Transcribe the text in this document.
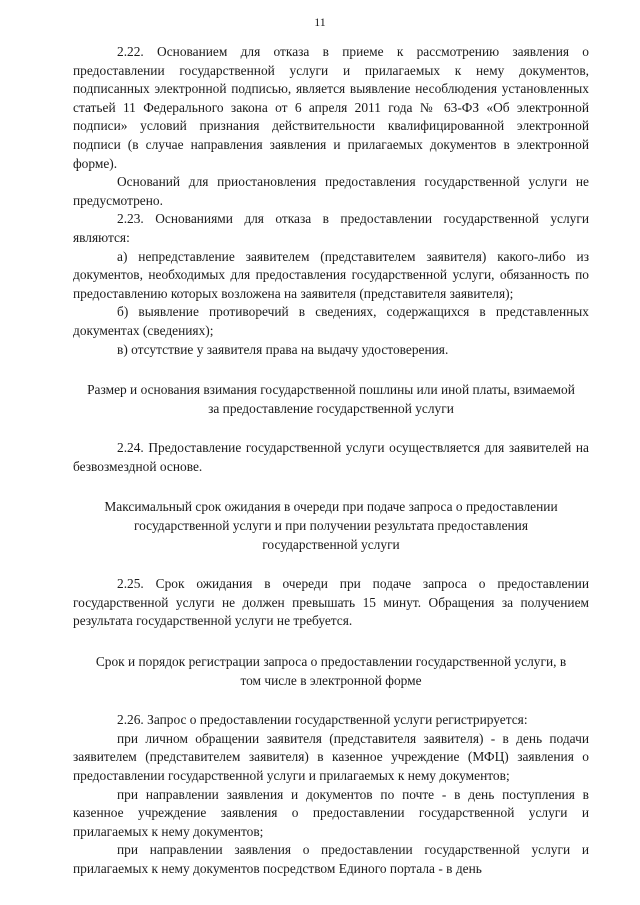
11

2.22. Основанием для отказа в приеме к рассмотрению заявления о предоставлении государственной услуги и прилагаемых к нему документов, подписанных электронной подписью, является выявление несоблюдения установленных статьей 11 Федерального закона от 6 апреля 2011 года № 63-ФЗ «Об электронной подписи» условий признания действительности квалифицированной электронной подписи (в случае направления заявления и прилагаемых документов в электронной форме).

Оснований для приостановления предоставления государственной услуги не предусмотрено.

2.23. Основаниями для отказа в предоставлении государственной услуги являются:

а) непредставление заявителем (представителем заявителя) какого-либо из документов, необходимых для предоставления государственной услуги, обязанность по предоставлению которых возложена на заявителя (представителя заявителя);

б) выявление противоречий в сведениях, содержащихся в представленных документах (сведениях);

в) отсутствие у заявителя права на выдачу удостоверения.

Размер и основания взимания государственной пошлины или иной платы, взимаемой за предоставление государственной услуги

2.24. Предоставление государственной услуги осуществляется для заявителей на безвозмездной основе.

Максимальный срок ожидания в очереди при подаче запроса о предоставлении государственной услуги и при получении результата предоставления государственной услуги

2.25. Срок ожидания в очереди при подаче запроса о предоставлении государственной услуги не должен превышать 15 минут. Обращения за получением результата государственной услуги не требуется.

Срок и порядок регистрации запроса о предоставлении государственной услуги, в том числе в электронной форме

2.26. Запрос о предоставлении государственной услуги регистрируется:

при личном обращении заявителя (представителя заявителя) - в день подачи заявителем (представителем заявителя) в казенное учреждение (МФЦ) заявления о предоставлении государственной услуги и прилагаемых к нему документов;

при направлении заявления и документов по почте - в день поступления в казенное учреждение заявления о предоставлении государственной услуги и прилагаемых к нему документов;

при направлении заявления о предоставлении государственной услуги и прилагаемых к нему документов посредством Единого портала - в день
